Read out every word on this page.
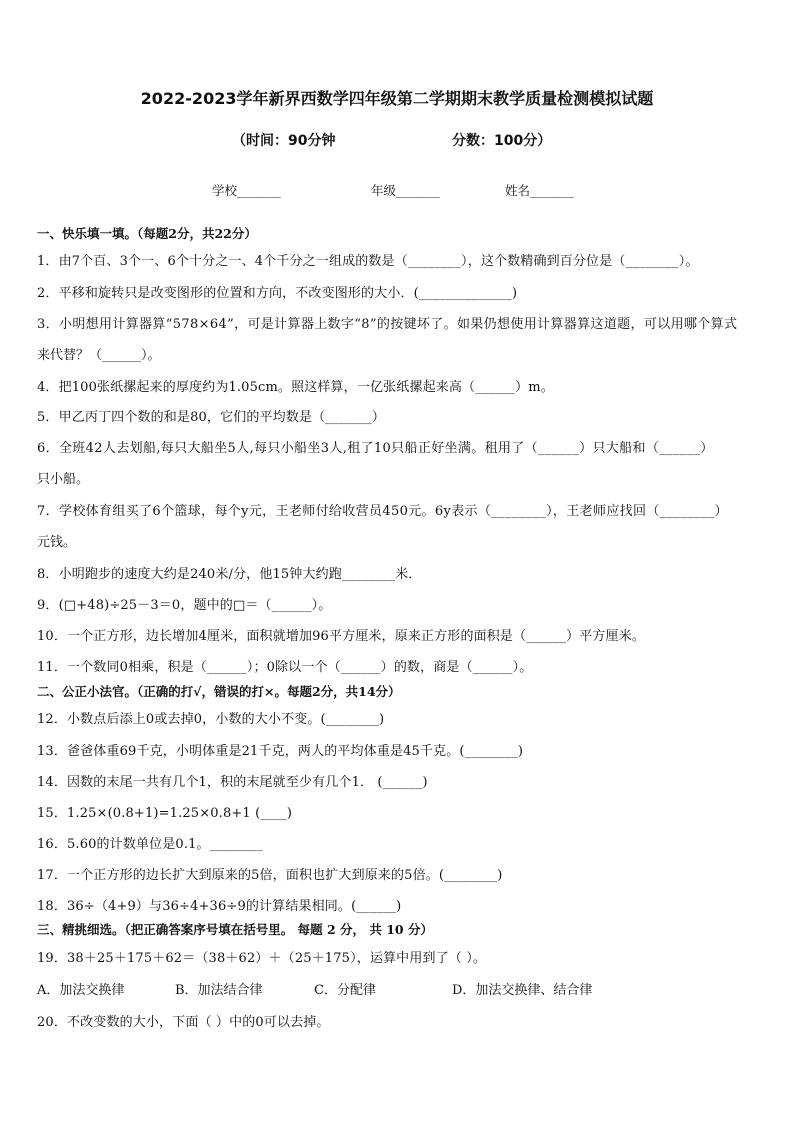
2022-2023学年新界西数学四年级第二学期期末教学质量检测模拟试题
（时间：90分钟	分数：100分）
学校_______	年级_______	姓名_______
一、快乐填一填。（每题2分，共22分）
1．由7个百、3个一、6个十分之一、4个千分之一组成的数是（________），这个数精确到百分位是（________）。
2．平移和旋转只是改变图形的位置和方向，不改变图形的大小．(______________)
3．小明想用计算器算“578×64”，可是计算器上数字“8”的按键坏了。如果仍想使用计算器算这道题，可以用哪个算式
来代替？（______）。
4．把100张纸摞起来的厚度约为1.05cm。照这样算，一亿张纸摞起来高（______）m。
5．甲乙丙丁四个数的和是80，它们的平均数是（_______）
6．全班42人去划船,每只大船坐5人,每只小船坐3人,租了10只船正好坐满。租用了（______）只大船和（______）
只小船。
7．学校体育组买了6个篮球，每个y元，王老师付给收营员450元。6y表示（________），王老师应找回（________）
元钱。
8．小明跑步的速度大约是240米/分，他15钟大约跑________米．
9．(□+48)÷25－3＝0，题中的□＝（______）。
10．一个正方形，边长增加4厘米，面积就增加96平方厘米，原来正方形的面积是（______）平方厘米。
11．一个数同0相乘，积是（______）；0除以一个（______）的数，商是（______）。
二、公正小法官。（正确的打√，错误的打×。每题2分，共14分）
12．小数点后添上0或去掉0，小数的大小不变。(________)
13．爸爸体重69千克，小明体重是21千克，两人的平均体重是45千克。(________)
14．因数的末尾一共有几个1，积的末尾就至少有几个1． (______)
15．1.25×(0.8+1)=1.25×0.8+1 (____)
16．5.60的计数单位是0.1。________
17．一个正方形的边长扩大到原来的5倍，面积也扩大到原来的5倍。(________)
18．36÷（4+9）与36÷4+36÷9的计算结果相同。(______)
三、精挑细选。（把正确答案序号填在括号里。 每题 2 分， 共 10 分）
19．38＋25＋175＋62＝（38＋62）＋（25＋175），运算中用到了（ ）。
A．加法交换律	B．加法结合律	C．分配律	D．加法交换律、结合律
20．不改变数的大小，下面（ ）中的0可以去掉。
